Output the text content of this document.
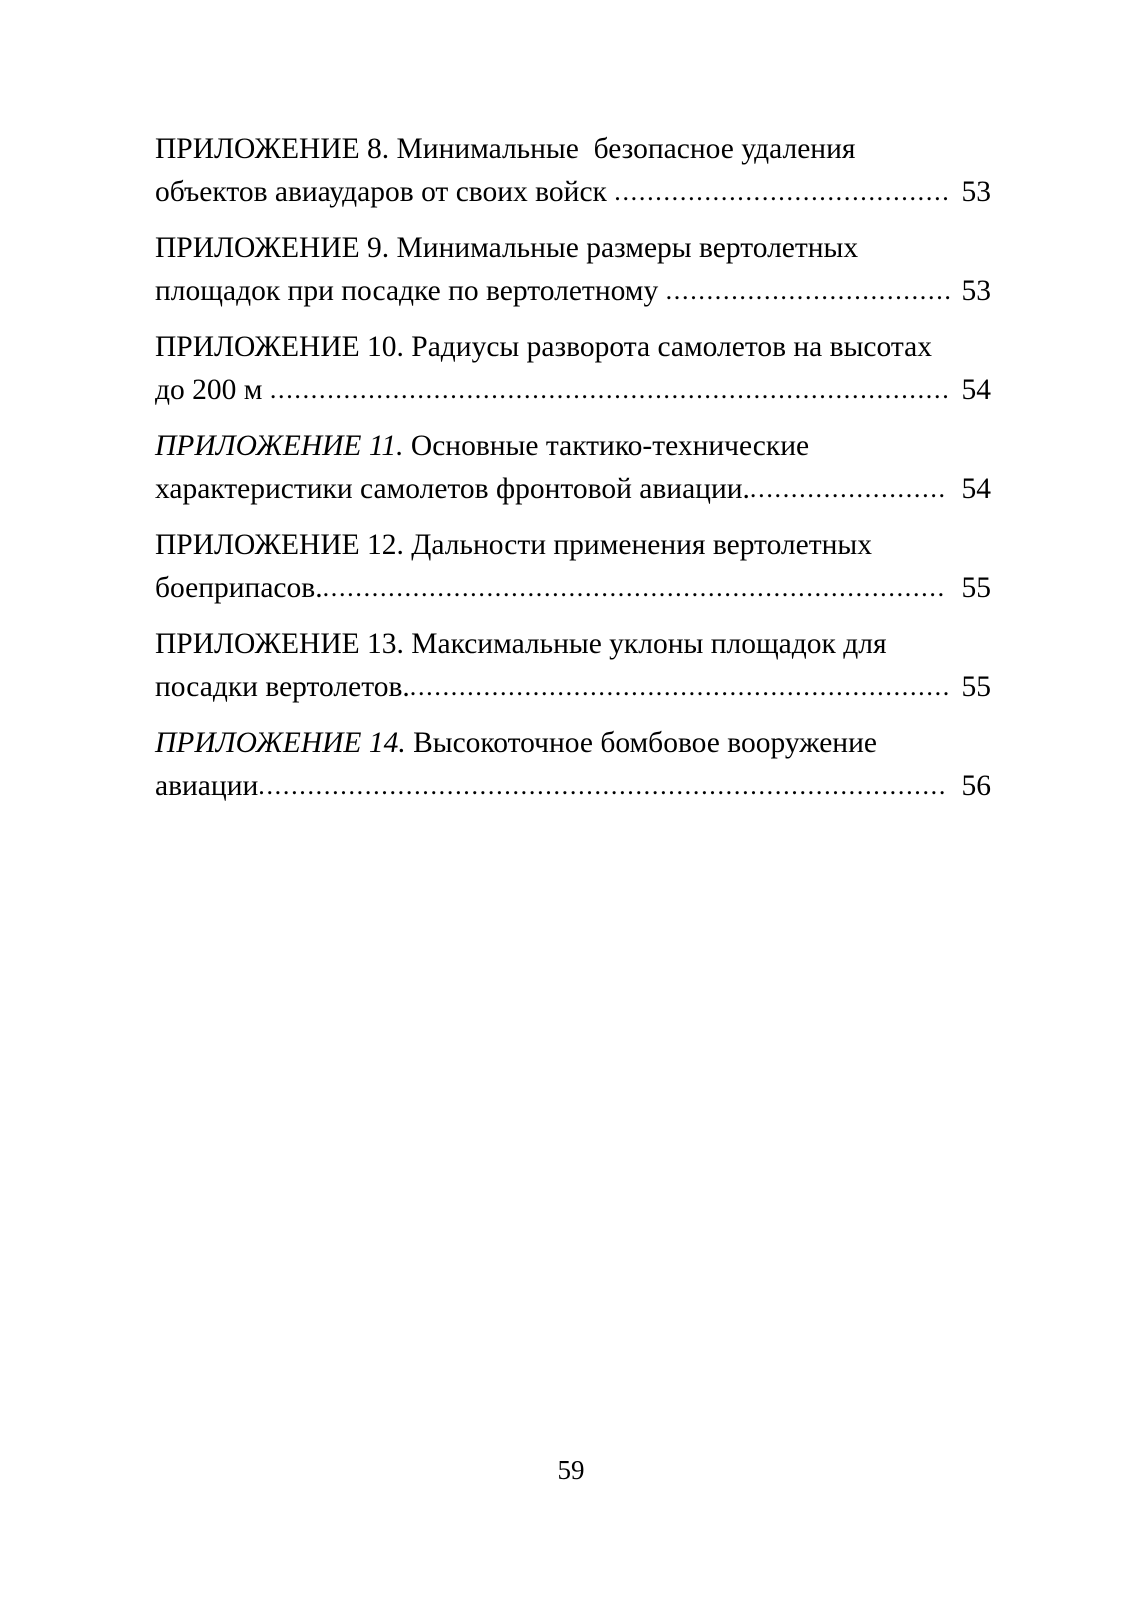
ПРИЛОЖЕНИЕ 8. Минимальные  безопасное удаления
объектов авиаударов от своих войск ......................................... 53
ПРИЛОЖЕНИЕ 9. Минимальные размеры вертолетных
площадок при посадке по вертолетному ................................... 53
ПРИЛОЖЕНИЕ 10. Радиусы разворота самолетов на высотах
до 200 м ................................................................................... 54
ПРИЛОЖЕНИЕ 11. Основные тактико-технические
характеристики самолетов фронтовой авиации. ........................ 54
ПРИЛОЖЕНИЕ 12. Дальности применения вертолетных
боеприпасов. ............................................................................ 55
ПРИЛОЖЕНИЕ 13. Максимальные уклоны площадок для
посадки вертолетов. .................................................................. 55
ПРИЛОЖЕНИЕ 14. Высокоточное бомбовое вооружение
авиации .................................................................................... 56
59
